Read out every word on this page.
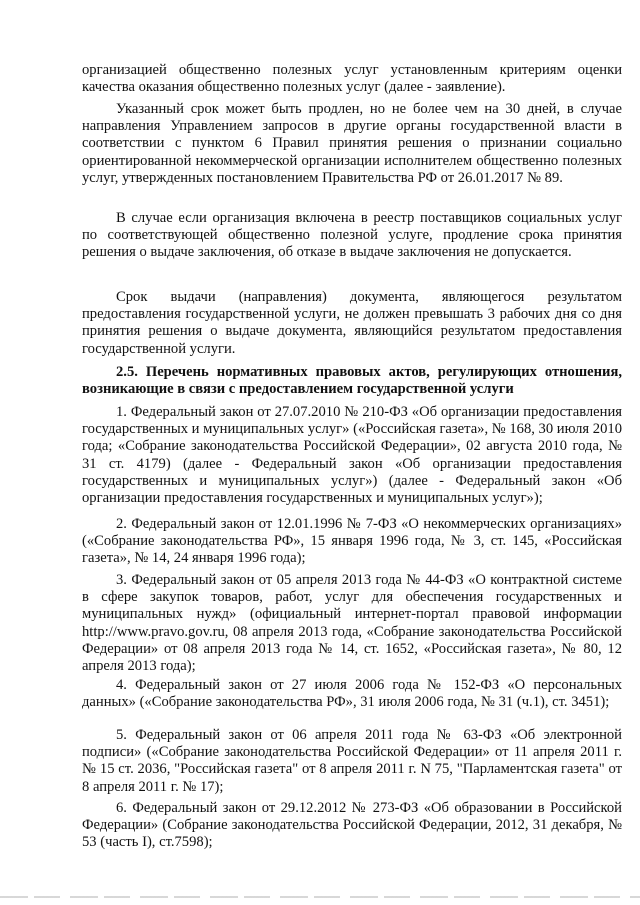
организацией общественно полезных услуг установленным критериям оценки качества оказания общественно полезных услуг (далее - заявление).

Указанный срок может быть продлен, но не более чем на 30 дней, в случае направления Управлением запросов в другие органы государственной власти в соответствии с пунктом 6 Правил принятия решения о признании социально ориентированной некоммерческой организации исполнителем общественно полезных услуг, утвержденных постановлением Правительства РФ от 26.01.2017 № 89.

В случае если организация включена в реестр поставщиков социальных услуг по соответствующей общественно полезной услуге, продление срока принятия решения о выдаче заключения, об отказе в выдаче заключения не допускается.

Срок выдачи (направления) документа, являющегося результатом предоставления государственной услуги, не должен превышать 3 рабочих дня со дня принятия решения о выдаче документа, являющийся результатом предоставления государственной услуги.

2.5. Перечень нормативных правовых актов, регулирующих отношения, возникающие в связи с предоставлением государственной услуги

1. Федеральный закон от 27.07.2010 № 210-ФЗ «Об организации предоставления государственных и муниципальных услуг» («Российская газета», № 168, 30 июля 2010 года; «Собрание законодательства Российской Федерации», 02 августа 2010 года, № 31 ст. 4179) (далее - Федеральный закон «Об организации предоставления государственных и муниципальных услуг») (далее - Федеральный закон «Об организации предоставления государственных и муниципальных услуг»);

2. Федеральный закон от 12.01.1996 № 7-ФЗ «О некоммерческих организациях» («Собрание законодательства РФ», 15 января 1996 года, № 3, ст. 145, «Российская газета», № 14, 24 января 1996 года);

3. Федеральный закон от 05 апреля 2013 года № 44-ФЗ «О контрактной системе в сфере закупок товаров, работ, услуг для обеспечения государственных и муниципальных нужд» (официальный интернет-портал правовой информации http://www.pravo.gov.ru, 08 апреля 2013 года, «Собрание законодательства Российской Федерации» от 08 апреля 2013 года № 14, ст. 1652, «Российская газета», № 80, 12 апреля 2013 года);

4. Федеральный закон от 27 июля 2006 года № 152-ФЗ «О персональных данных» («Собрание законодательства РФ», 31 июля 2006 года, № 31 (ч.1), ст. 3451);

5. Федеральный закон от 06 апреля 2011 года № 63-ФЗ «Об электронной подписи» («Собрание законодательства Российской Федерации» от 11 апреля 2011 г. № 15 ст. 2036, "Российская газета" от 8 апреля 2011 г. N 75, "Парламентская газета" от 8 апреля 2011 г. № 17);

6. Федеральный закон от 29.12.2012 № 273-ФЗ «Об образовании в Российской Федерации» (Собрание законодательства Российской Федерации, 2012, 31 декабря, № 53 (часть I), ст.7598);
